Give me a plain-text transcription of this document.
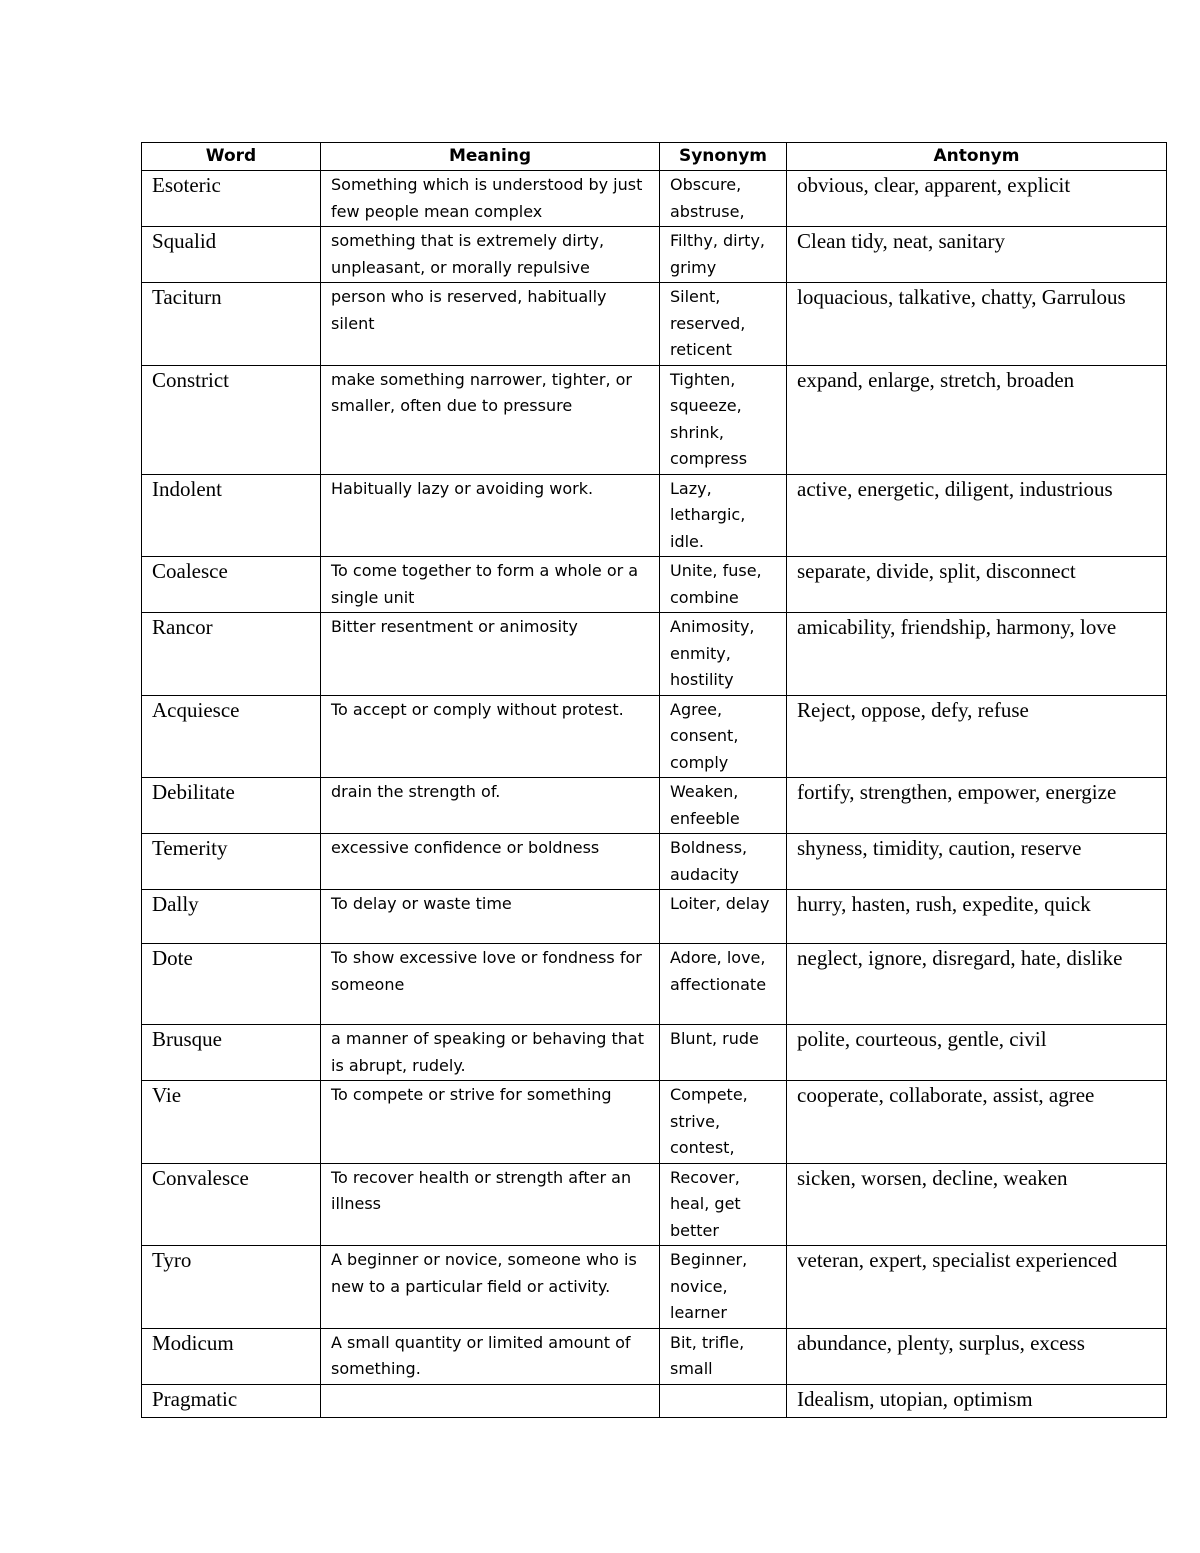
Word	Meaning	Synonym	Antonym
Esoteric	Something which is understood by just few people mean complex	Obscure, abstruse,	obvious, clear, apparent, explicit
Squalid	something that is extremely dirty, unpleasant, or morally repulsive	Filthy, dirty, grimy	Clean tidy, neat, sanitary
Taciturn	person who is reserved, habitually silent	Silent, reserved, reticent	loquacious, talkative, chatty, Garrulous
Constrict	make something narrower, tighter, or smaller, often due to pressure	Tighten, squeeze, shrink, compress	expand, enlarge, stretch, broaden
Indolent	Habitually lazy or avoiding work.	Lazy, lethargic, idle.	active, energetic, diligent, industrious
Coalesce	To come together to form a whole or a single unit	Unite, fuse, combine	separate, divide, split, disconnect
Rancor	Bitter resentment or animosity	Animosity, enmity, hostility	amicability, friendship, harmony, love
Acquiesce	To accept or comply without protest.	Agree, consent, comply	Reject, oppose, defy, refuse
Debilitate	drain the strength of.	Weaken, enfeeble	fortify, strengthen, empower, energize
Temerity	excessive confidence or boldness	Boldness, audacity	shyness, timidity, caution, reserve
Dally	To delay or waste time	Loiter, delay	hurry, hasten, rush, expedite, quick
Dote	To show excessive love or fondness for someone	Adore, love, affectionate	neglect, ignore, disregard, hate, dislike
Brusque	a manner of speaking or behaving that is abrupt, rudely.	Blunt, rude	polite, courteous, gentle, civil
Vie	To compete or strive for something	Compete, strive, contest,	cooperate, collaborate, assist, agree
Convalesce	To recover health or strength after an illness	Recover, heal, get better	sicken, worsen, decline, weaken
Tyro	A beginner or novice, someone who is new to a particular field or activity.	Beginner, novice, learner	veteran, expert, specialist experienced
Modicum	A small quantity or limited amount of something.	Bit, trifle, small	abundance, plenty, surplus, excess
Pragmatic			Idealism, utopian, optimism
